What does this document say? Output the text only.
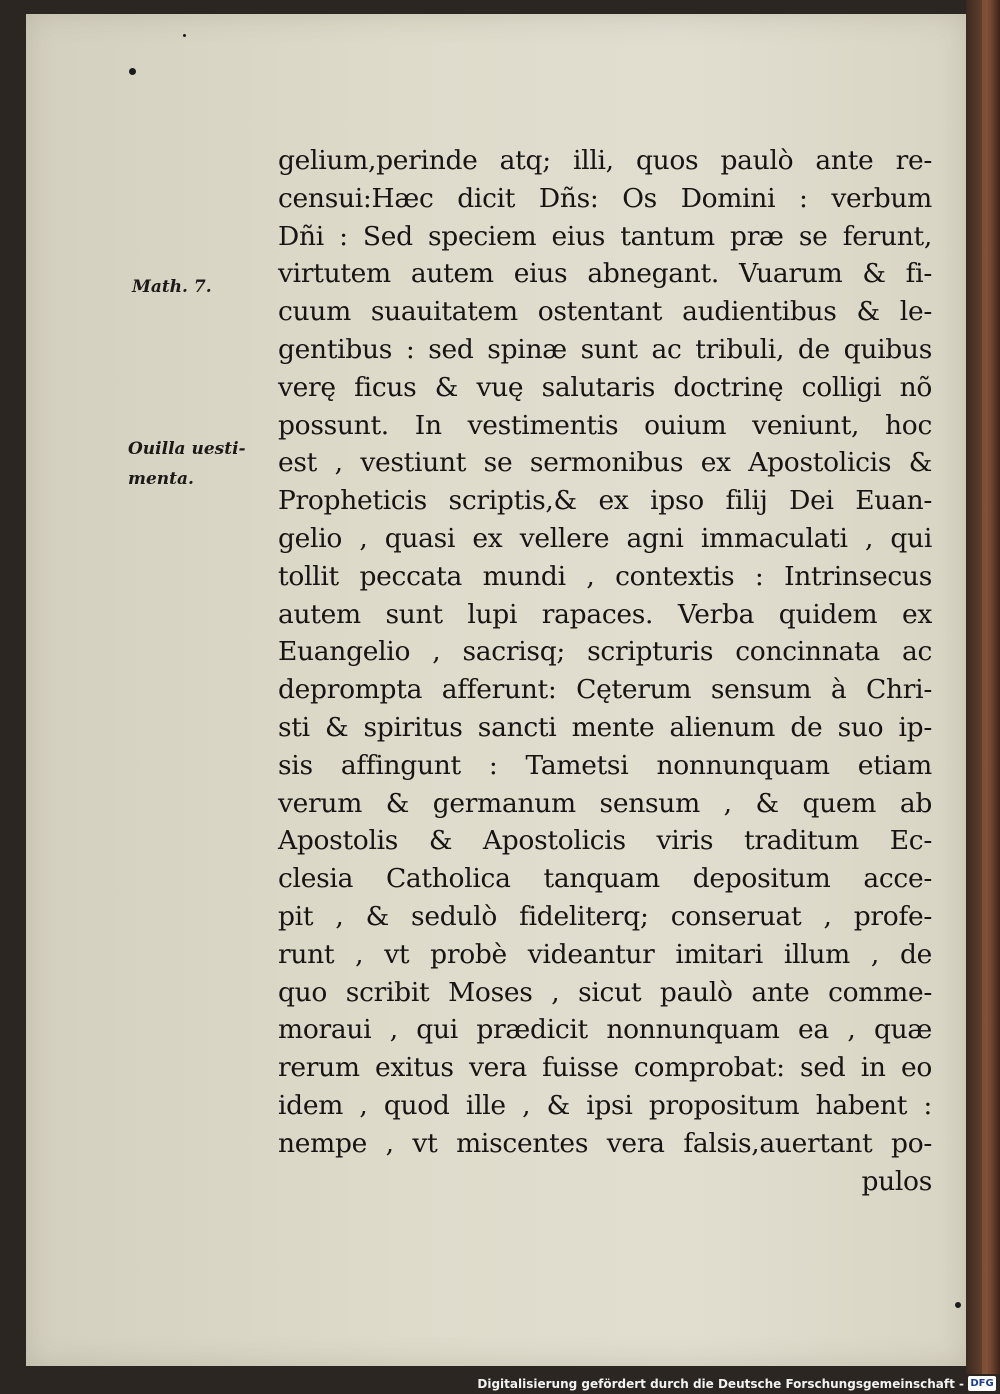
Math. 7.
Ouilla uesti-
menta.
gelium,perinde atq; illi, quos paulò ante re-
censui:Hæc dicit Dñs: Os Domini : verbum
Dñi : Sed speciem eius tantum præ se ferunt,
virtutem autem eius abnegant. Vuarum & fi-
cuum suauitatem ostentant audientibus & le-
gentibus : sed spinæ sunt ac tribuli, de quibus
verę ficus & vuę salutaris doctrinę colligi nõ
possunt. In vestimentis ouium veniunt, hoc
est , vestiunt se sermonibus ex Apostolicis &
Propheticis scriptis,& ex ipso filij Dei Euan-
gelio , quasi ex vellere agni immaculati , qui
tollit peccata mundi , contextis : Intrinsecus
autem sunt lupi rapaces. Verba quidem ex
Euangelio , sacrisq; scripturis concinnata ac
deprompta afferunt: Cęterum sensum à Chri-
sti & spiritus sancti mente alienum de suo ip-
sis affingunt : Tametsi nonnunquam etiam
verum & germanum sensum , & quem ab
Apostolis & Apostolicis viris traditum Ec-
clesia Catholica tanquam depositum acce-
pit , & sedulò fideliterq; conseruat , profe-
runt , vt probè videantur imitari illum , de
quo scribit Moses , sicut paulò ante comme-
moraui , qui prædicit nonnunquam ea , quæ
rerum exitus vera fuisse comprobat: sed in eo
idem , quod ille , & ipsi propositum habent :
nempe , vt miscentes vera falsis,auertant po-
pulos
Digitalisierung gefördert durch die Deutsche Forschungsgemeinschaft - DFG
